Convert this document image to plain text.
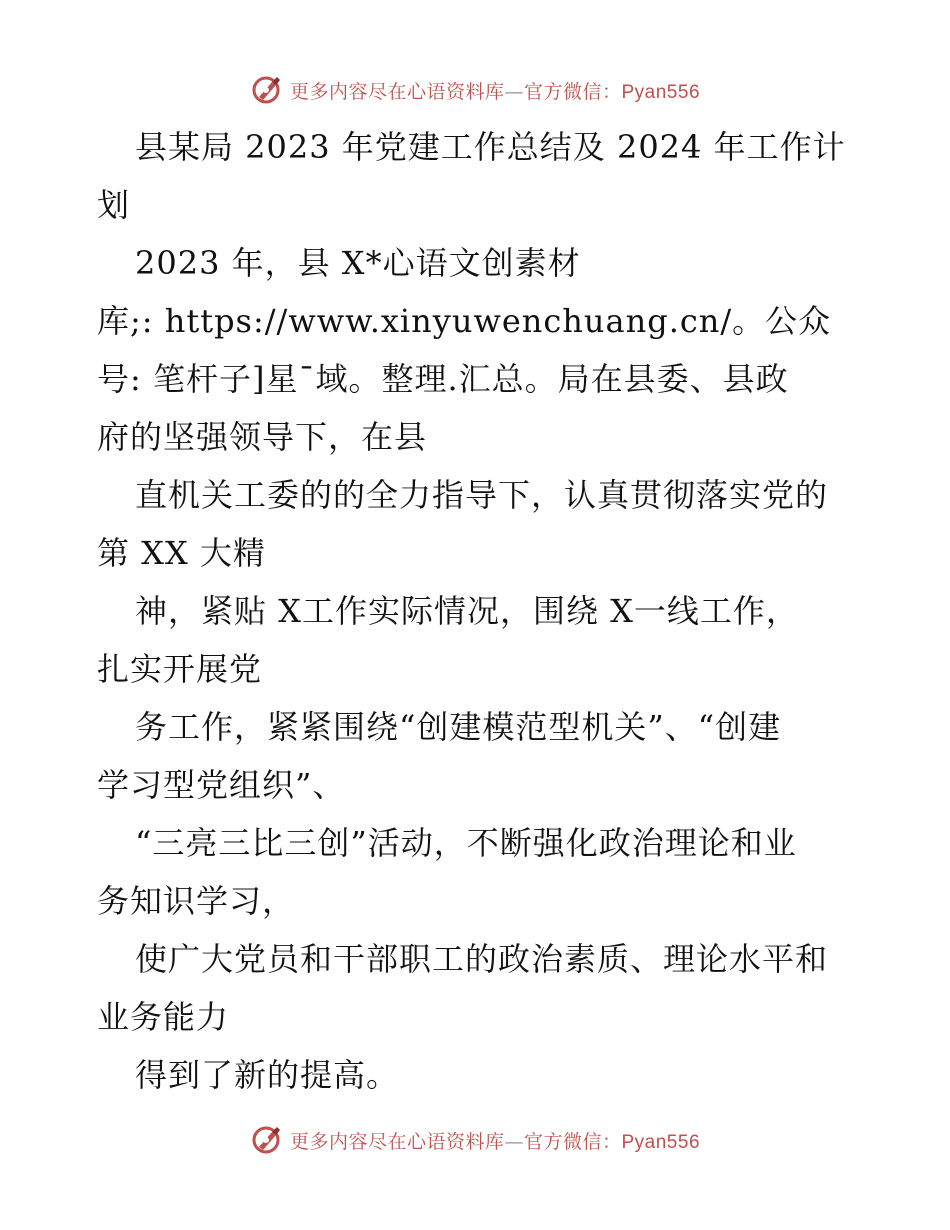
更多内容尽在心语资料库—官方微信：Pyan556
县某局 2023 年党建工作总结及 2024 年工作计
划
2023 年，县 X*心语文创素材
库;: https://www.xinyuwenchuang.cn/。公众
号: 笔杆子]星¯域。整理.汇总。局在县委、县政
府的坚强领导下，在县
直机关工委的的全力指导下，认真贯彻落实党的
第 XX 大精
神，紧贴 X工作实际情况，围绕 X一线工作，
扎实开展党
务工作，紧紧围绕“创建模范型机关”、“创建
学习型党组织”、
“三亮三比三创”活动，不断强化政治理论和业
务知识学习，
使广大党员和干部职工的政治素质、理论水平和
业务能力
得到了新的提高。
更多内容尽在心语资料库—官方微信：Pyan556
